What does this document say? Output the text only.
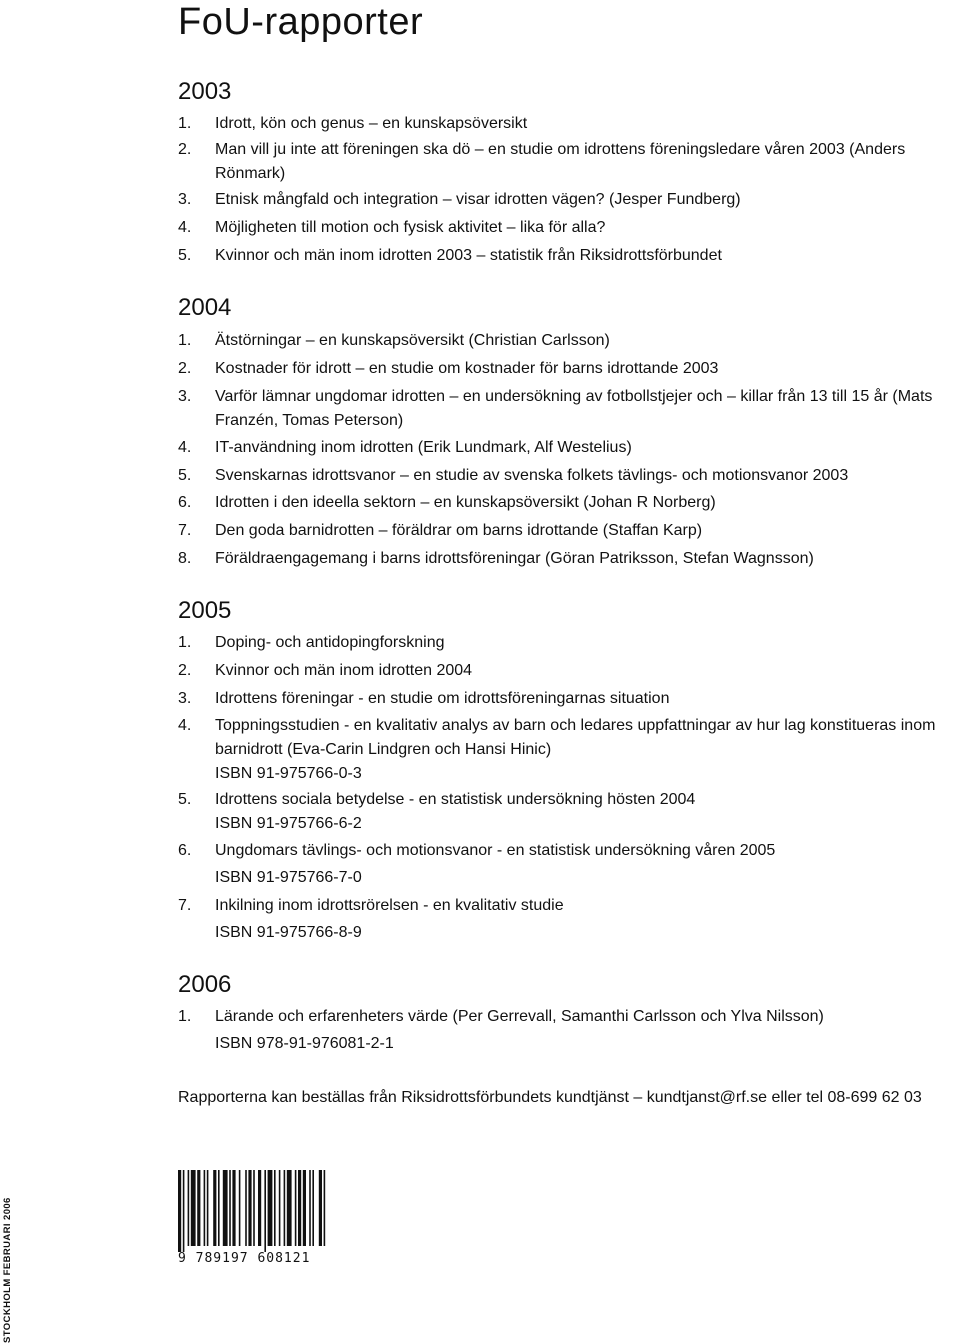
FoU-rapporter
2003
1.	Idrott, kön och genus – en kunskapsöversikt
2.	Man vill ju inte att föreningen ska dö – en studie om idrottens föreningsledare våren 2003 (Anders Rönmark)
3.	Etnisk mångfald och integration – visar idrotten vägen? (Jesper Fundberg)
4.	Möjligheten till motion och fysisk aktivitet – lika för alla?
5.	Kvinnor och män inom idrotten 2003 – statistik från Riksidrottsförbundet
2004
1.	Ätstörningar – en kunskapsöversikt (Christian Carlsson)
2.	Kostnader för idrott – en studie om kostnader för barns idrottande 2003
3.	Varför lämnar ungdomar idrotten – en undersökning av fotbollstjejer och – killar från 13 till 15 år (Mats Franzén, Tomas Peterson)
4.	IT-användning inom idrotten (Erik Lundmark, Alf Westelius)
5.	Svenskarnas idrottsvanor – en studie av svenska folkets tävlings- och motionsvanor 2003
6.	Idrotten i den ideella sektorn – en kunskapsöversikt (Johan R Norberg)
7.	Den goda barnidrotten – föräldrar om barns idrottande (Staffan Karp)
8.	Föräldraengagemang i barns idrottsföreningar (Göran Patriksson, Stefan Wagnsson)
2005
1.	Doping- och antidopingforskning
2.	Kvinnor och män inom idrotten 2004
3.	Idrottens föreningar - en studie om idrottsföreningarnas situation
4.	Toppningsstudien - en kvalitativ analys av barn och ledares uppfattningar av hur lag konstitueras inom barnidrott (Eva-Carin Lindgren och Hansi Hinic)
ISBN 91-975766-0-3
5.	Idrottens sociala betydelse - en statistisk undersökning hösten 2004
ISBN 91-975766-6-2
6.	Ungdomars tävlings- och motionsvanor - en statistisk undersökning våren 2005
ISBN 91-975766-7-0
7.	Inkilning inom idrottsrörelsen - en kvalitativ studie
ISBN 91-975766-8-9
2006
1.	Lärande och erfarenheters värde (Per Gerrevall, Samanthi Carlsson och Ylva Nilsson)
ISBN 978-91-976081-2-1
Rapporterna kan beställas från Riksidrottsförbundets kundtjänst – kundtjanst@rf.se eller tel 08-699 62 03
9 789197 608121
STOCKHOLM FEBRUARI 2006
